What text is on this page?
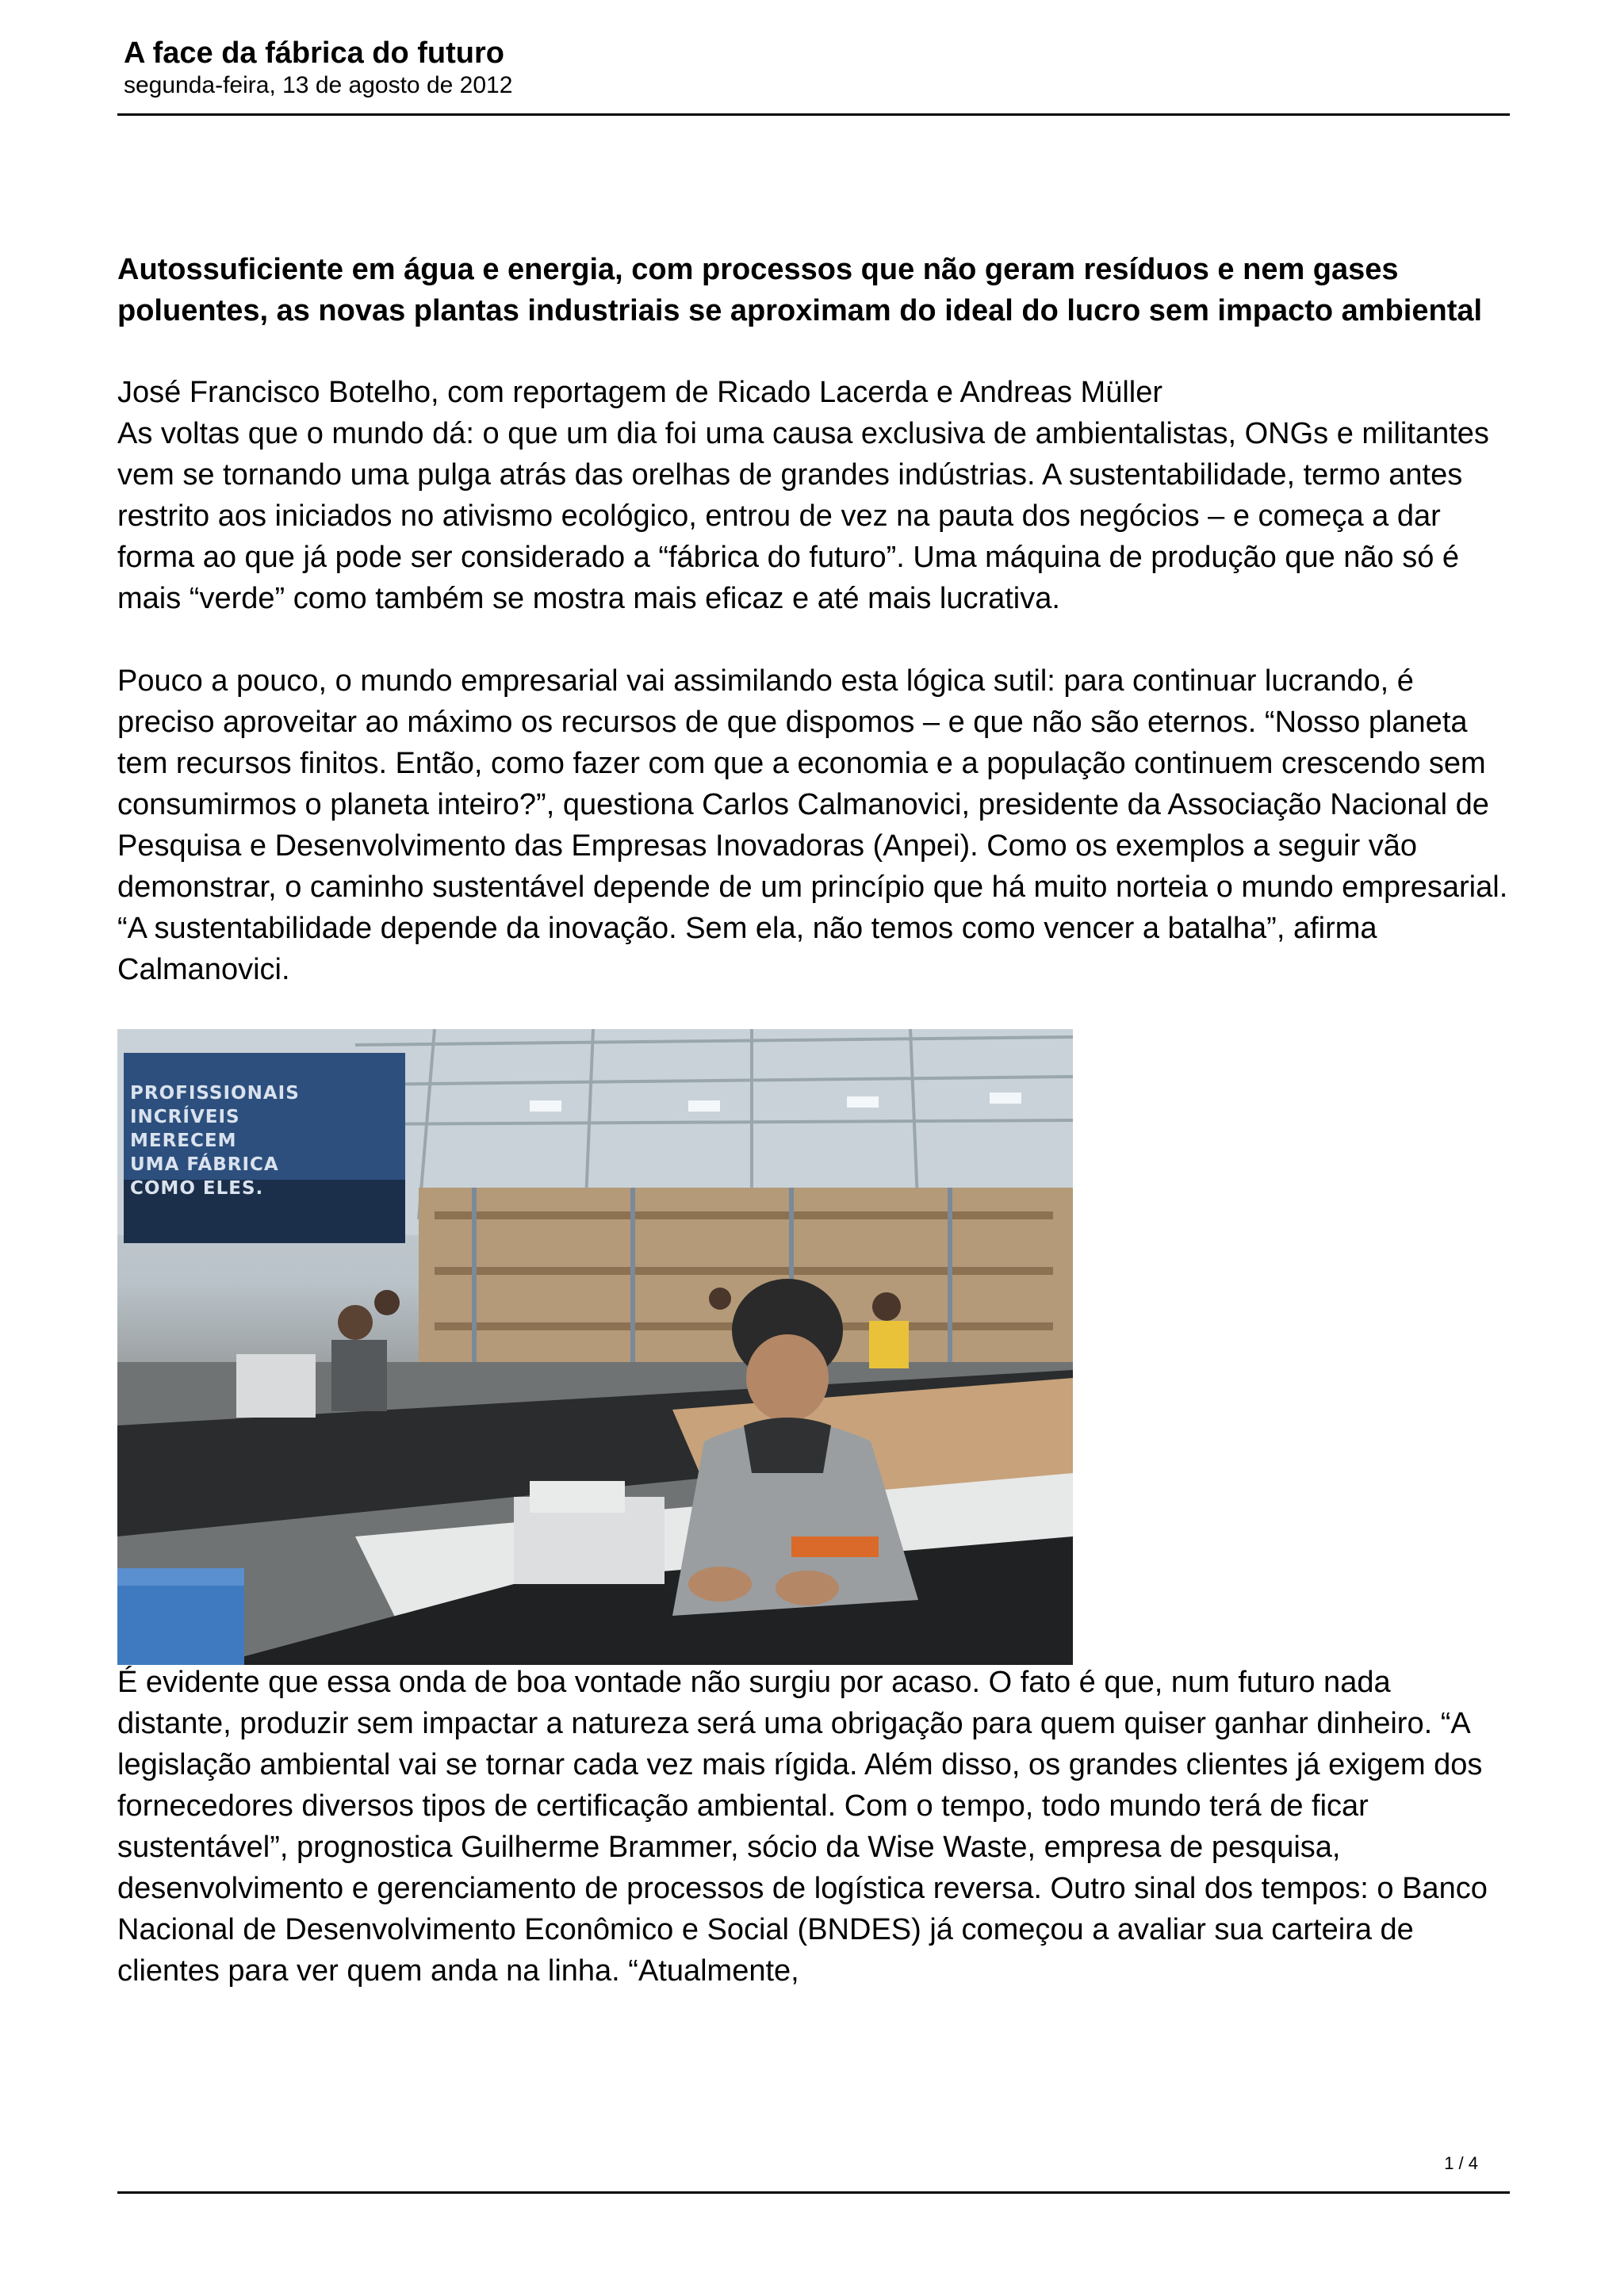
A face da fábrica do futuro
segunda-feira, 13 de agosto de 2012

Autossuficiente em água e energia, com processos que não geram resíduos e nem gases poluentes, as novas plantas industriais se aproximam do ideal do lucro sem impacto ambiental

José Francisco Botelho, com reportagem de Ricado Lacerda e Andreas Müller

As voltas que o mundo dá: o que um dia foi uma causa exclusiva de ambientalistas, ONGs e militantes vem se tornando uma pulga atrás das orelhas de grandes indústrias. A sustentabilidade, termo antes restrito aos iniciados no ativismo ecológico, entrou de vez na pauta dos negócios – e começa a dar forma ao que já pode ser considerado a “fábrica do futuro”. Uma máquina de produção que não só é mais “verde” como também se mostra mais eficaz e até mais lucrativa.

Pouco a pouco, o mundo empresarial vai assimilando esta lógica sutil: para continuar lucrando, é preciso aproveitar ao máximo os recursos de que dispomos – e que não são eternos. “Nosso planeta tem recursos finitos. Então, como fazer com que a economia e a população continuem crescendo sem consumirmos o planeta inteiro?”, questiona Carlos Calmanovici, presidente da Associação Nacional de Pesquisa e Desenvolvimento das Empresas Inovadoras (Anpei). Como os exemplos a seguir vão demonstrar, o caminho sustentável depende de um princípio que há muito norteia o mundo empresarial. “A sustentabilidade depende da inovação. Sem ela, não temos como vencer a batalha”, afirma Calmanovici.

PROFISSIONAIS INCRÍVEIS MERECEM UMA FÁBRICA COMO ELES.

É evidente que essa onda de boa vontade não surgiu por acaso. O fato é que, num futuro nada distante, produzir sem impactar a natureza será uma obrigação para quem quiser ganhar dinheiro. “A legislação ambiental vai se tornar cada vez mais rígida. Além disso, os grandes clientes já exigem dos fornecedores diversos tipos de certificação ambiental. Com o tempo, todo mundo terá de ficar sustentável”, prognostica Guilherme Brammer, sócio da Wise Waste, empresa de pesquisa, desenvolvimento e gerenciamento de processos de logística reversa. Outro sinal dos tempos: o Banco Nacional de Desenvolvimento Econômico e Social (BNDES) já começou a avaliar sua carteira de clientes para ver quem anda na linha. “Atualmente,

1 / 4
